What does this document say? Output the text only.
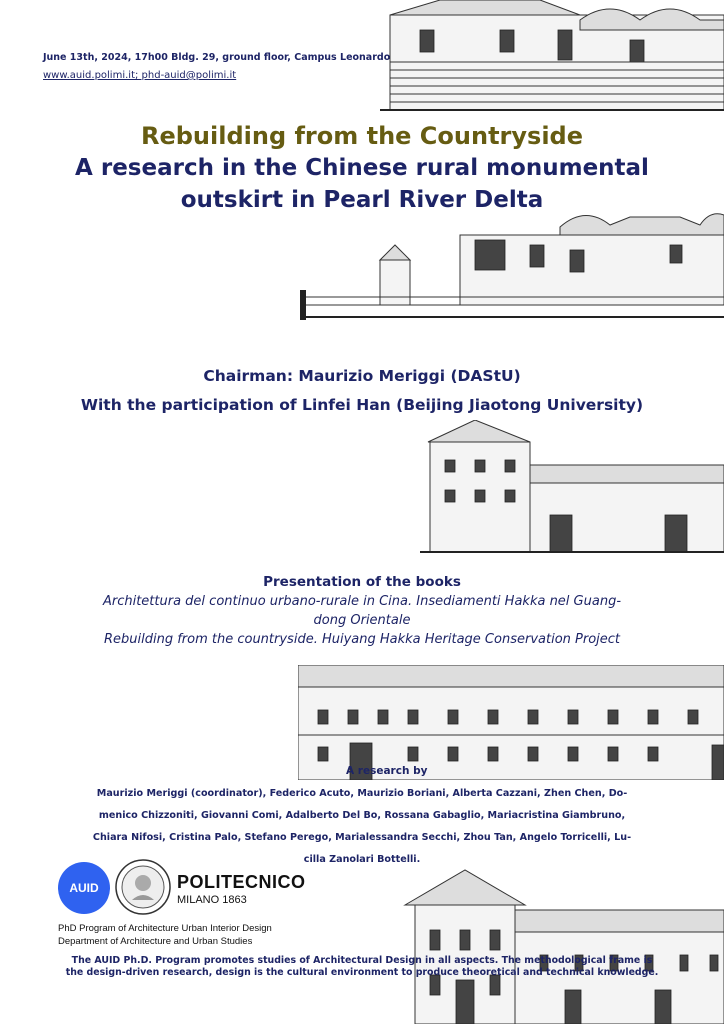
June 13th, 2024, 17h00 Bldg. 29, ground floor, Campus Leonardo
www.auid.polimi.it; phd-auid@polimi.it
Rebuilding from the Countryside
A research in the Chinese rural monumental
outskirt in Pearl River Delta
Chairman: Maurizio Meriggi (DAStU)
With the participation of Linfei Han (Beijing Jiaotong University)
Presentation of the books
Architettura del continuo urbano-rurale in Cina. Insediamenti Hakka nel Guang-
dong Orientale
Rebuilding from the countryside. Huiyang Hakka Heritage Conservation Project
A research by
Maurizio Meriggi (coordinator), Federico Acuto, Maurizio Boriani, Alberta Cazzani, Zhen Chen, Do-
menico Chizzoniti, Giovanni Comi, Adalberto Del Bo, Rossana Gabaglio, Mariacristina Giambruno,
Chiara Nifosi, Cristina Palo, Stefano Perego, Marialessandra Secchi, Zhou Tan, Angelo Torricelli, Lu-
cilla Zanolari Bottelli.
AUID	POLITECNICO
MILANO 1863
PhD Program of Architecture Urban Interior Design
Department of Architecture and Urban Studies
The AUID Ph.D. Program promotes studies of Architectural Design in all aspects. The methodological frame is
the design-driven research, design is the cultural environment to produce theoretical and technical knowledge.
